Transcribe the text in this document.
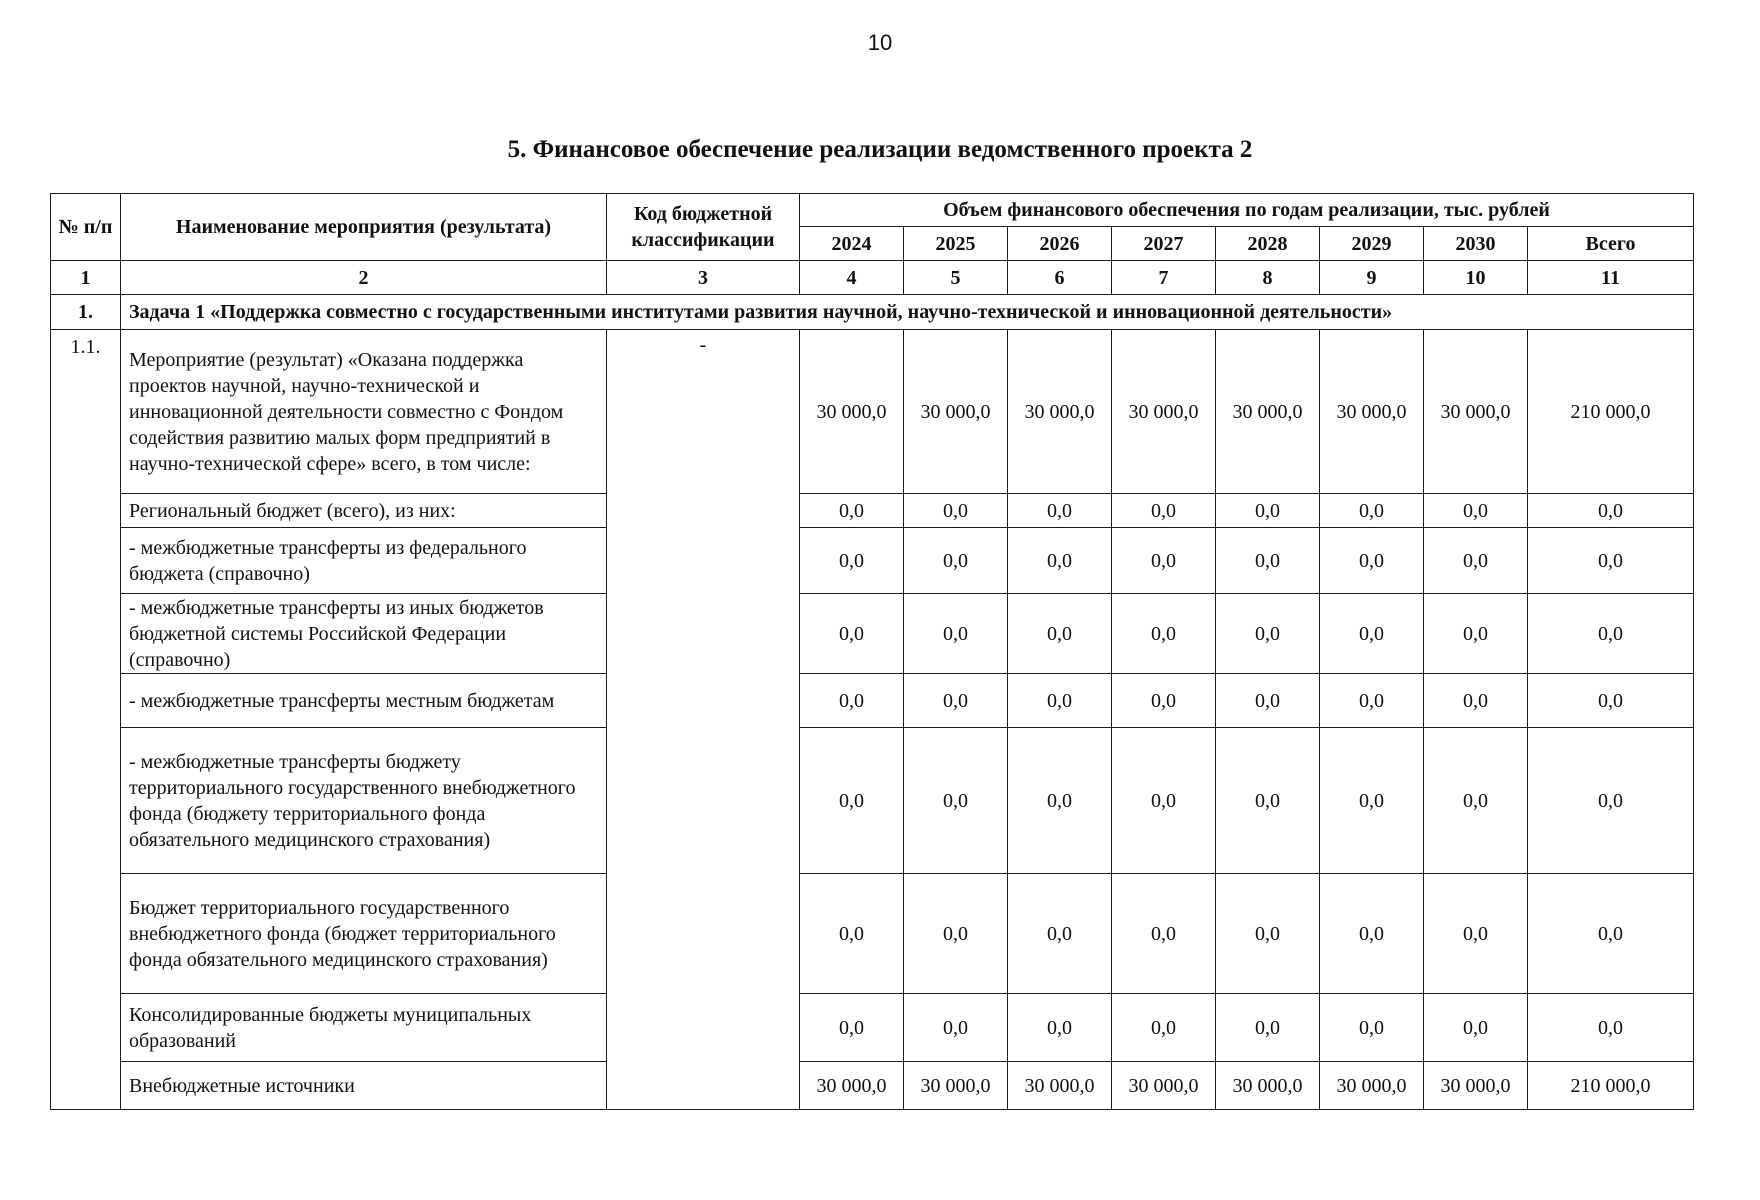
10
5. Финансовое обеспечение реализации ведомственного проекта 2
№ п/п	Наименование мероприятия (результата)	Код бюджетной классификации	Объем финансового обеспечения по годам реализации, тыс. рублей							
			2024	2025	2026	2027	2028	2029	2030	Всего
1	2	3	4	5	6	7	8	9	10	11
1.	Задача 1 «Поддержка совместно с государственными институтами развития научной, научно-технической и инновационной деятельности»									
1.1.	Мероприятие (результат) «Оказана поддержка проектов научной, научно-технической и инновационной деятельности совместно с Фондом содействия развитию малых форм предприятий в научно-технической сфере» всего, в том числе:	-	30 000,0	30 000,0	30 000,0	30 000,0	30 000,0	30 000,0	30 000,0	210 000,0
	Региональный бюджет (всего), из них:		0,0	0,0	0,0	0,0	0,0	0,0	0,0	0,0
	- межбюджетные трансферты из федерального бюджета (справочно)		0,0	0,0	0,0	0,0	0,0	0,0	0,0	0,0
	- межбюджетные трансферты из иных бюджетов бюджетной системы Российской Федерации (справочно)		0,0	0,0	0,0	0,0	0,0	0,0	0,0	0,0
	- межбюджетные трансферты местным бюджетам		0,0	0,0	0,0	0,0	0,0	0,0	0,0	0,0
	- межбюджетные трансферты бюджету территориального государственного внебюджетного фонда (бюджету территориального фонда обязательного медицинского страхования)		0,0	0,0	0,0	0,0	0,0	0,0	0,0	0,0
	Бюджет территориального государственного внебюджетного фонда (бюджет территориального фонда обязательного медицинского страхования)		0,0	0,0	0,0	0,0	0,0	0,0	0,0	0,0
	Консолидированные бюджеты муниципальных образований		0,0	0,0	0,0	0,0	0,0	0,0	0,0	0,0
	Внебюджетные источники		30 000,0	30 000,0	30 000,0	30 000,0	30 000,0	30 000,0	30 000,0	210 000,0
